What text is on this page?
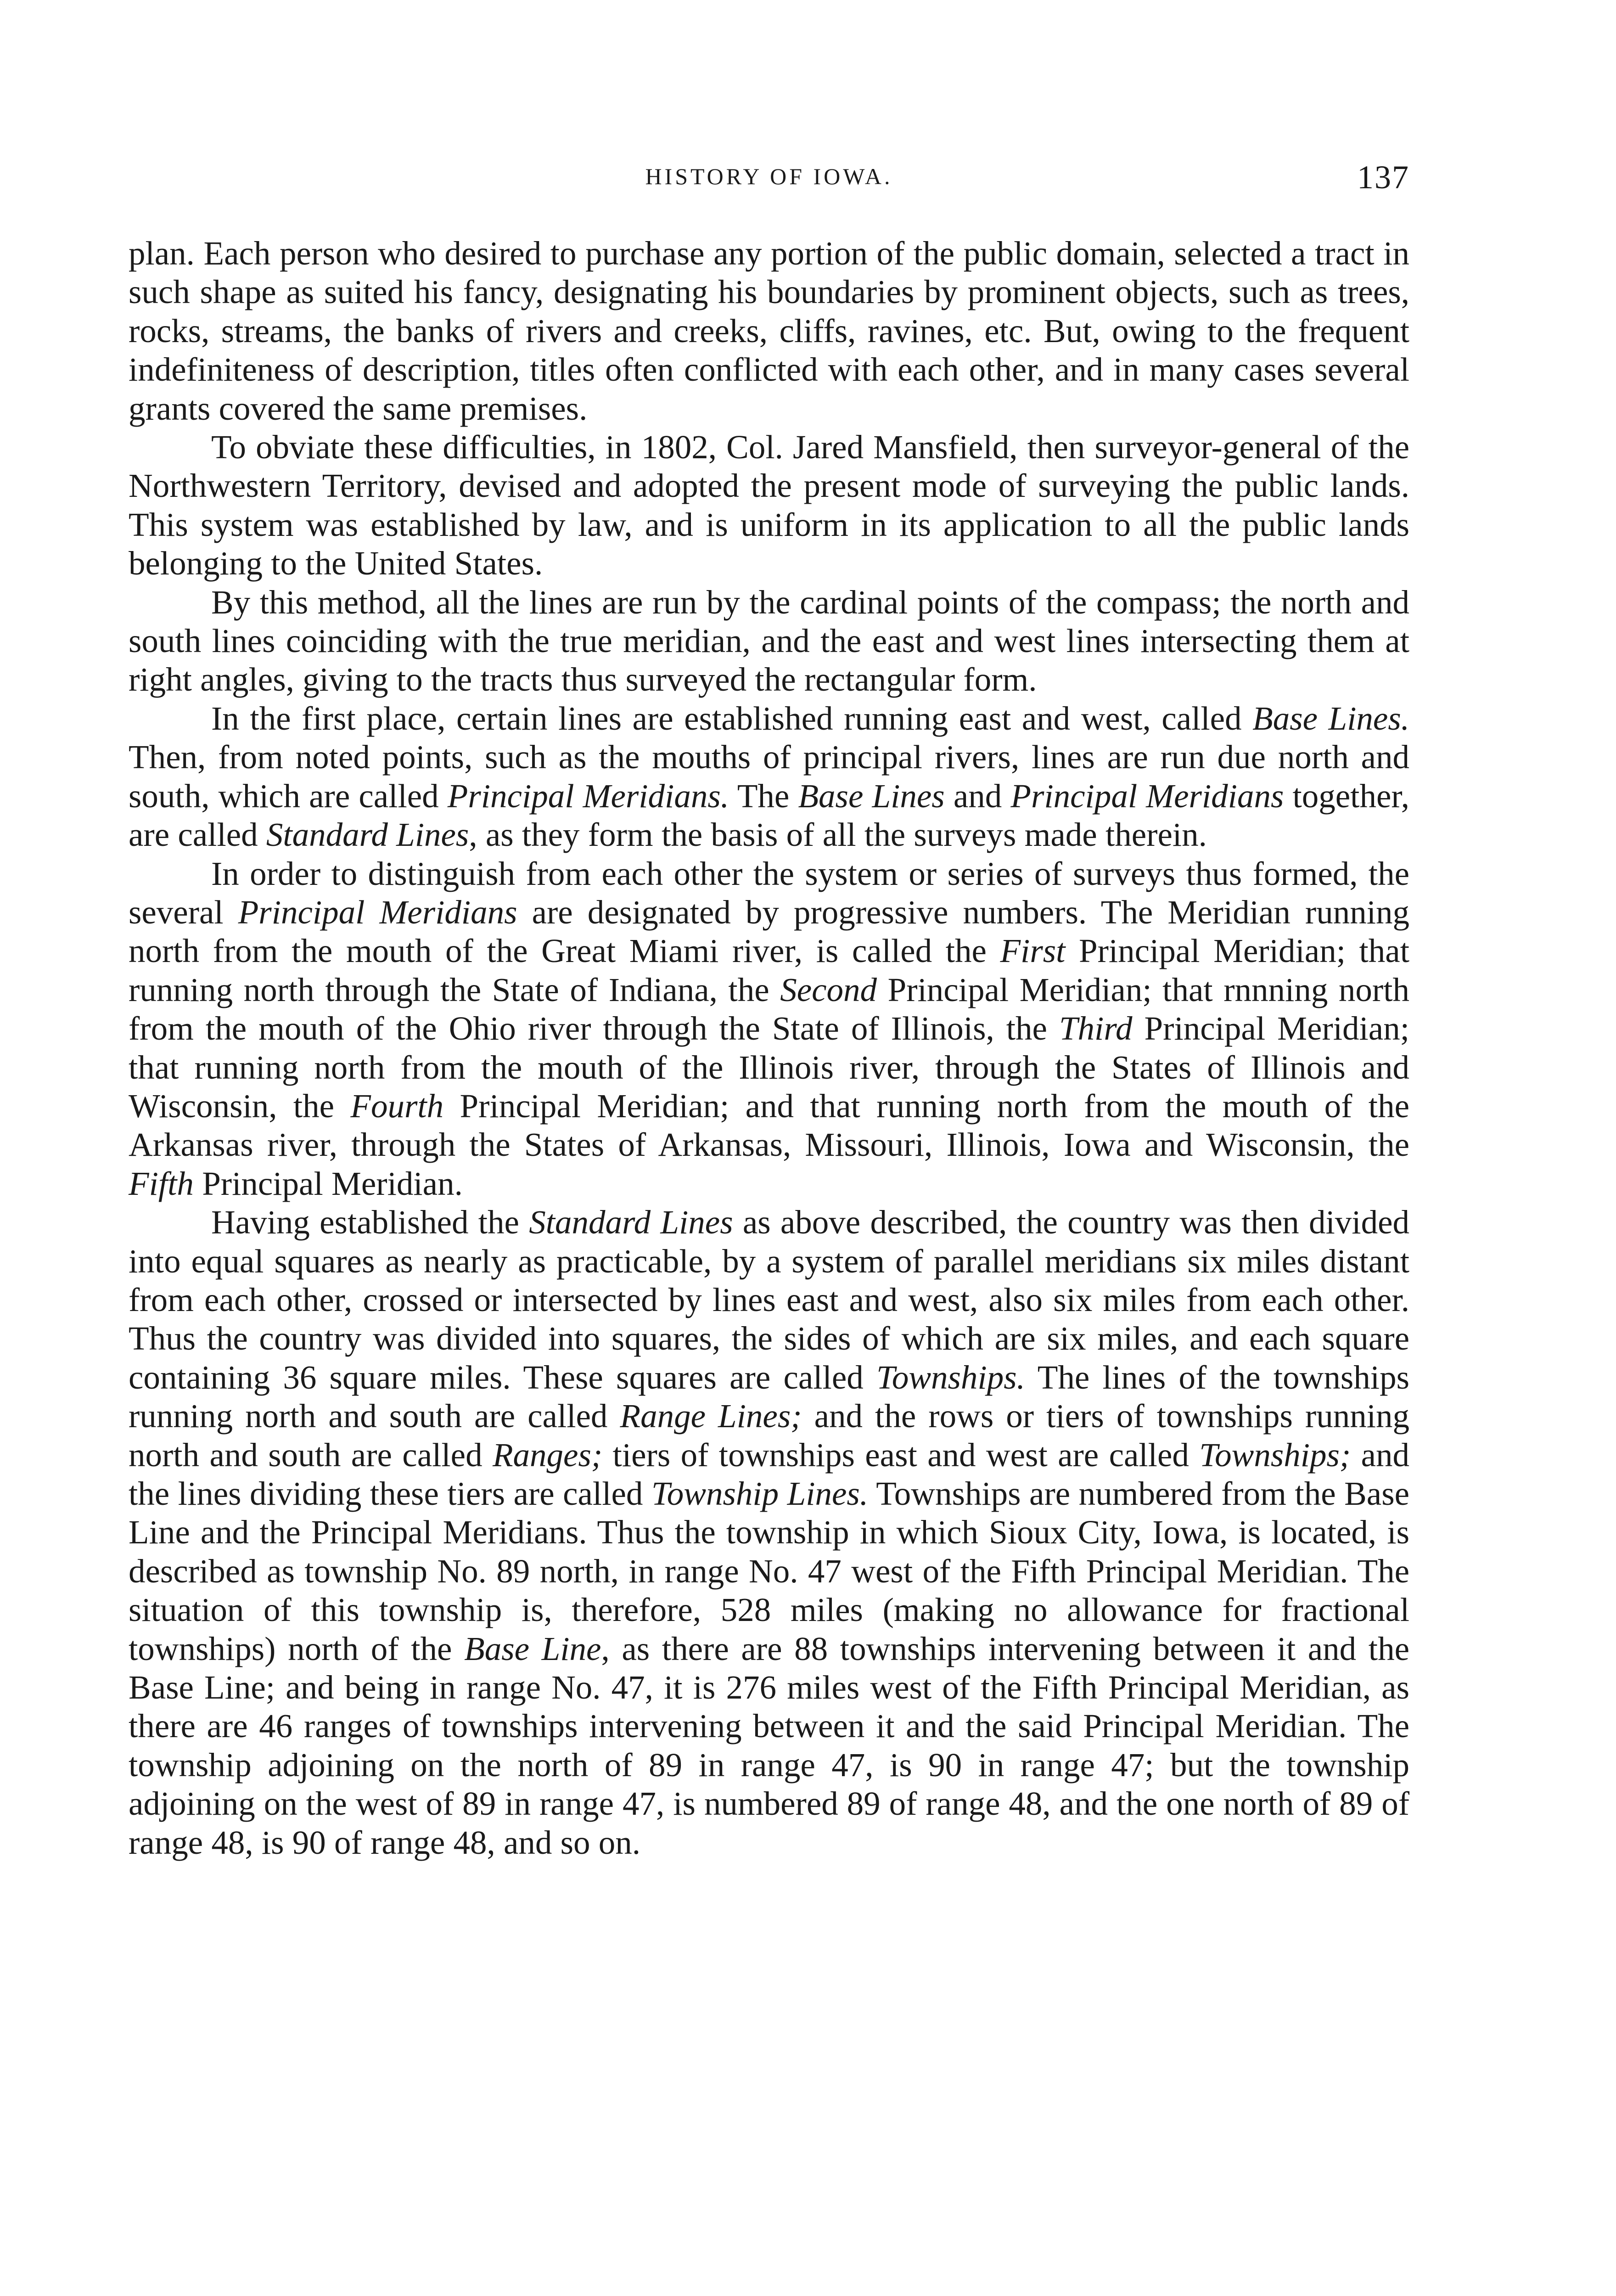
HISTORY OF IOWA.	137

plan. Each person who desired to purchase any portion of the public domain, selected a tract in such shape as suited his fancy, designating his boundaries by prominent objects, such as trees, rocks, streams, the banks of rivers and creeks, cliffs, ravines, etc. But, owing to the frequent indefiniteness of description, titles often conflicted with each other, and in many cases several grants covered the same premises.

To obviate these difficulties, in 1802, Col. Jared Mansfield, then surveyor-general of the Northwestern Territory, devised and adopted the present mode of surveying the public lands. This system was established by law, and is uniform in its application to all the public lands belonging to the United States.

By this method, all the lines are run by the cardinal points of the compass; the north and south lines coinciding with the true meridian, and the east and west lines intersecting them at right angles, giving to the tracts thus surveyed the rectangular form.

In the first place, certain lines are established running east and west, called Base Lines. Then, from noted points, such as the mouths of principal rivers, lines are run due north and south, which are called Principal Meridians. The Base Lines and Principal Meridians together, are called Standard Lines, as they form the basis of all the surveys made therein.

In order to distinguish from each other the system or series of surveys thus formed, the several Principal Meridians are designated by progressive numbers. The Meridian running north from the mouth of the Great Miami river, is called the First Principal Meridian; that running north through the State of Indiana, the Second Principal Meridian; that rnnning north from the mouth of the Ohio river through the State of Illinois, the Third Principal Meridian; that running north from the mouth of the Illinois river, through the States of Illinois and Wisconsin, the Fourth Principal Meridian; and that running north from the mouth of the Arkansas river, through the States of Arkansas, Missouri, Illinois, Iowa and Wisconsin, the Fifth Principal Meridian.

Having established the Standard Lines as above described, the country was then divided into equal squares as nearly as practicable, by a system of parallel meridians six miles distant from each other, crossed or intersected by lines east and west, also six miles from each other. Thus the country was divided into squares, the sides of which are six miles, and each square containing 36 square miles. These squares are called Townships. The lines of the townships running north and south are called Range Lines; and the rows or tiers of townships running north and south are called Ranges; tiers of townships east and west are called Townships; and the lines dividing these tiers are called Township Lines. Townships are numbered from the Base Line and the Principal Meridians. Thus the township in which Sioux City, Iowa, is located, is described as township No. 89 north, in range No. 47 west of the Fifth Principal Meridian. The situation of this township is, therefore, 528 miles (making no allowance for fractional townships) north of the Base Line, as there are 88 townships intervening between it and the Base Line; and being in range No. 47, it is 276 miles west of the Fifth Principal Meridian, as there are 46 ranges of townships intervening between it and the said Principal Meridian. The township adjoining on the north of 89 in range 47, is 90 in range 47; but the township adjoining on the west of 89 in range 47, is numbered 89 of range 48, and the one north of 89 of range 48, is 90 of range 48, and so on.
